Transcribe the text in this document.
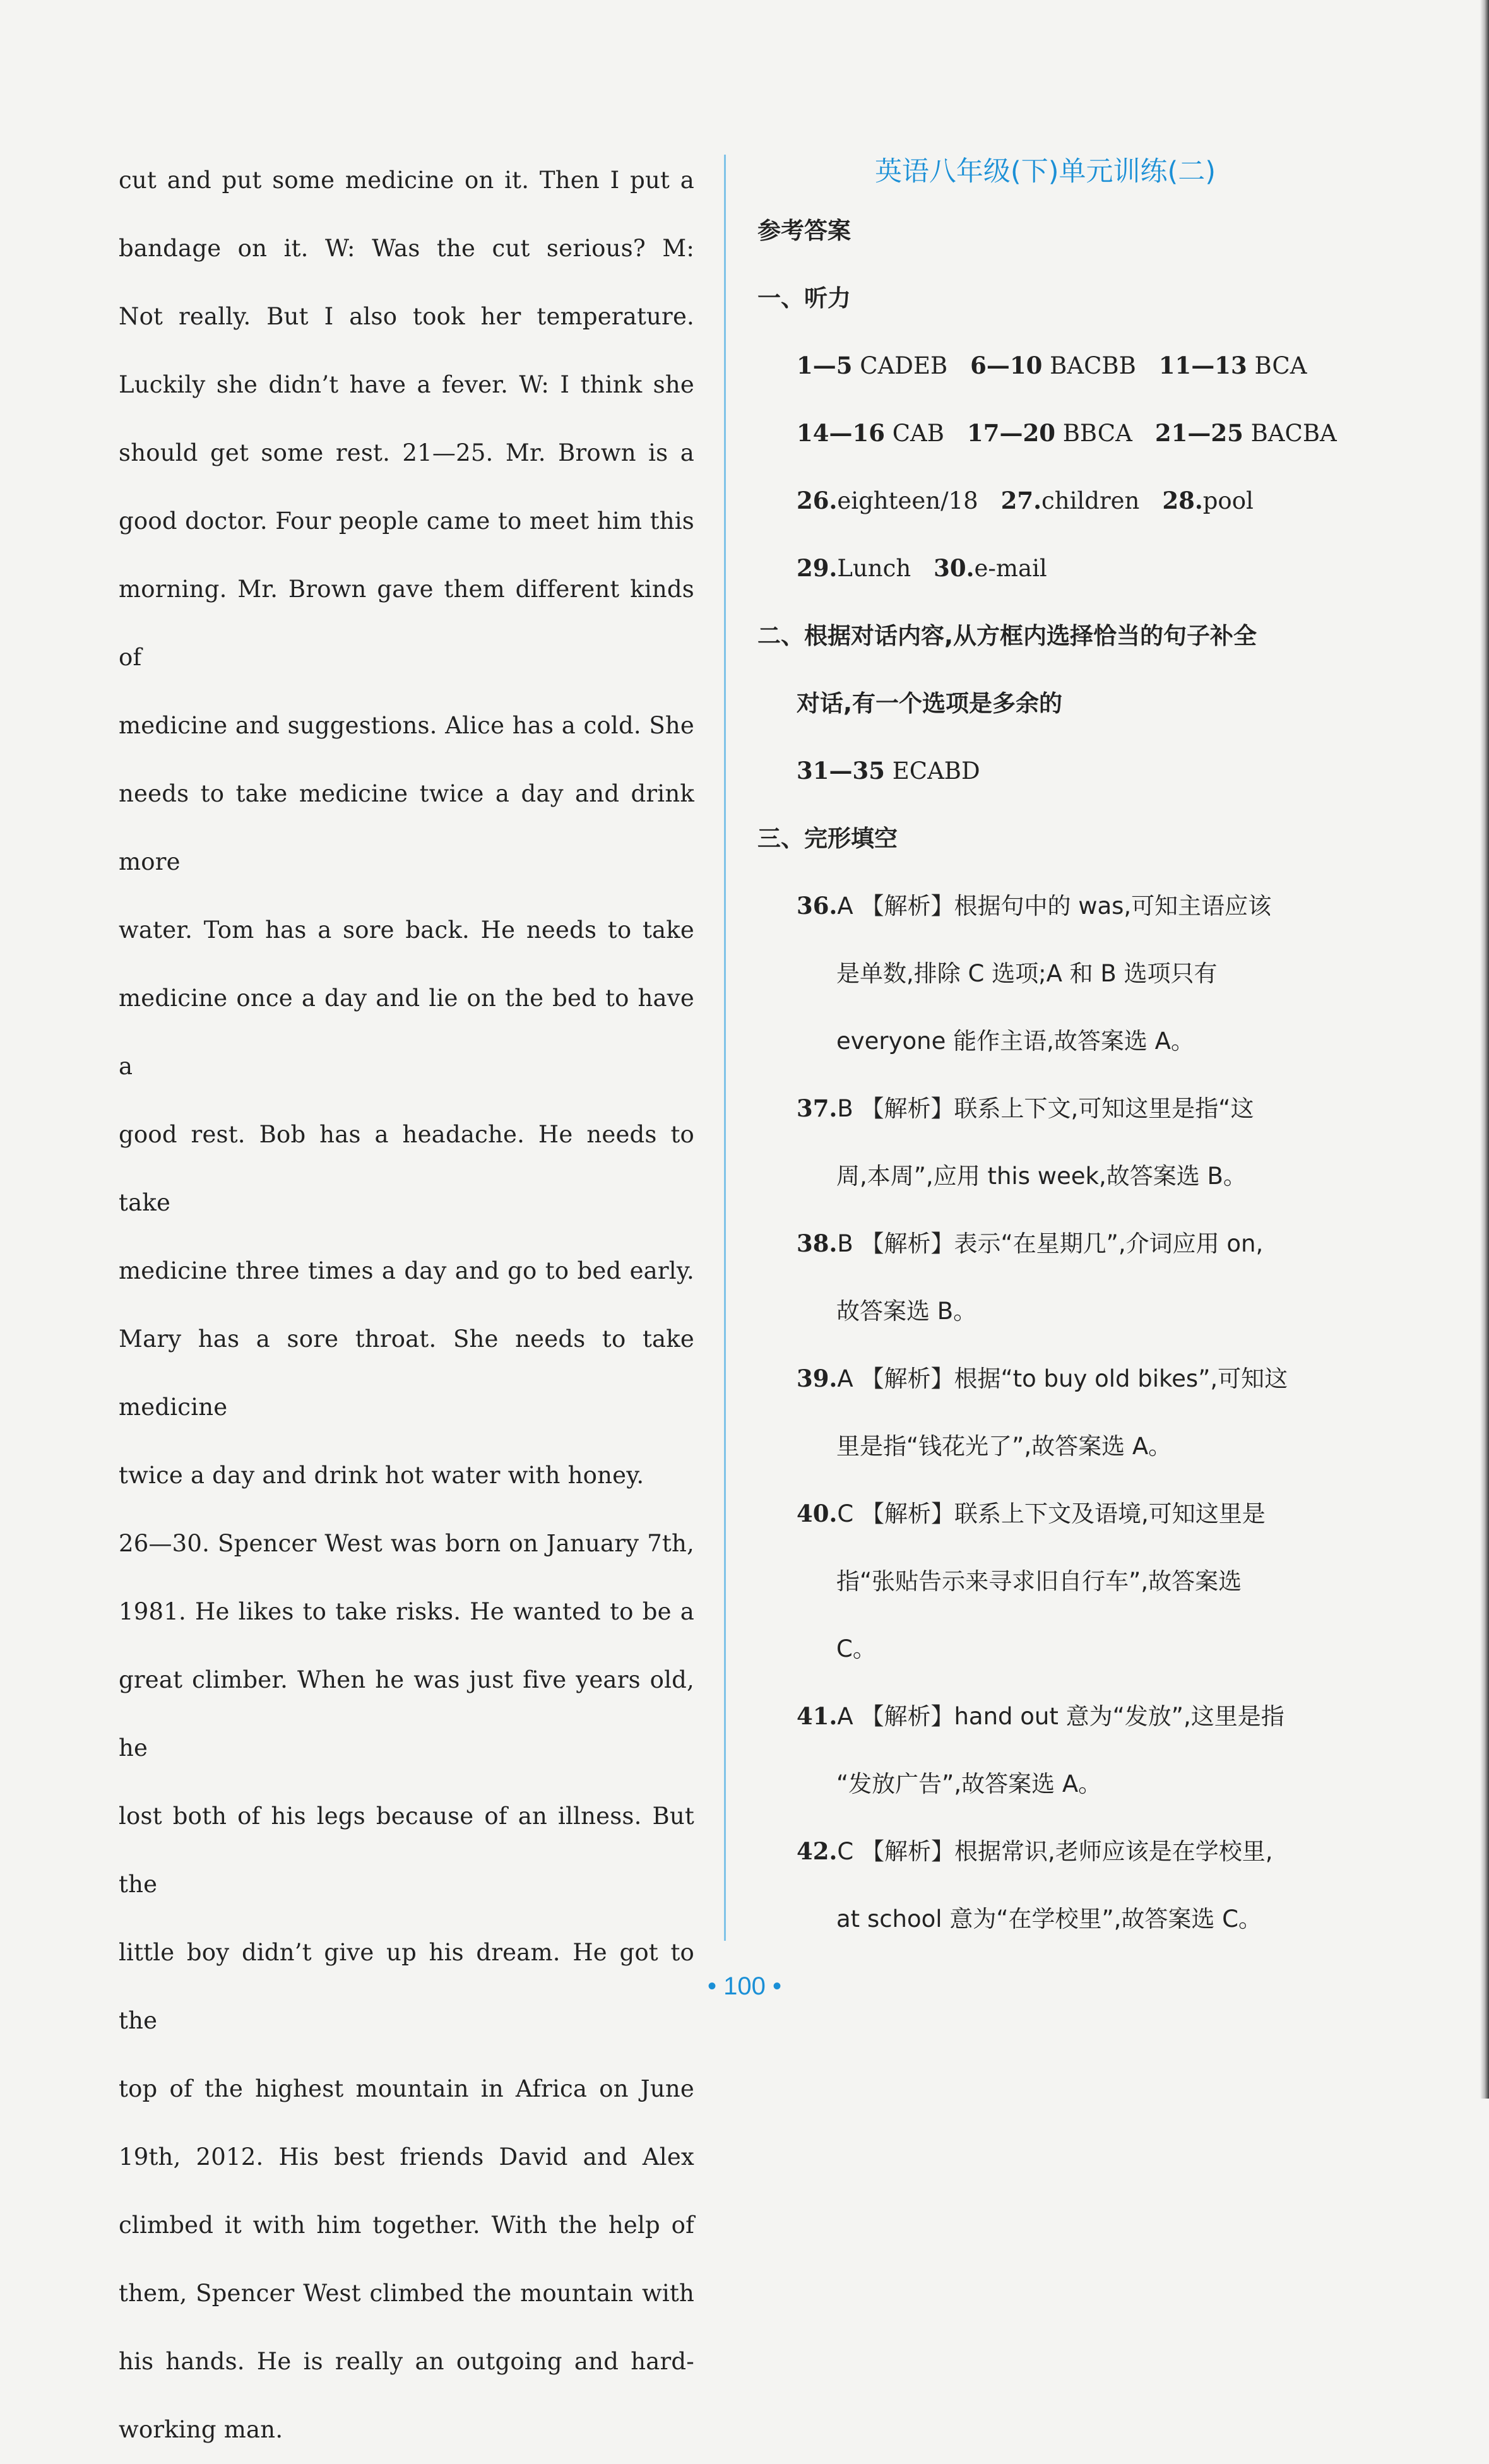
cut and put some medicine on it. Then I put a

bandage on it. W: Was the cut serious? M:

Not really. But I also took her temperature.

Luckily she didn’t have a fever. W: I think she

should get some rest. 21—25. Mr. Brown is a

good doctor. Four people came to meet him this

morning. Mr. Brown gave them different kinds of

medicine and suggestions. Alice has a cold. She

needs to take medicine twice a day and drink more

water. Tom has a sore back. He needs to take

medicine once a day and lie on the bed to have a

good rest. Bob has a headache. He needs to take

medicine three times a day and go to bed early.

Mary has a sore throat. She needs to take medicine

twice a day and drink hot water with honey.

26—30. Spencer West was born on January 7th,

1981. He likes to take risks. He wanted to be a

great climber. When he was just five years old, he

lost both of his legs because of an illness. But the

little boy didn’t give up his dream. He got to the

top of the highest mountain in Africa on June

19th, 2012. His best friends David and Alex

climbed it with him together. With the help of

them, Spencer West climbed the mountain with

his hands. He is really an outgoing and hard-

working man.

英语八年级(下)单元训练(二)

参考答案

一、听力

1—5 CADEB 6—10 BACBB 11—13 BCA

14—16 CAB 17—20 BBCA 21—25 BACBA

26.eighteen/18 27.children 28.pool

29.Lunch 30.e-mail

二、根据对话内容,从方框内选择恰当的句子补全

对话,有一个选项是多余的

31—35 ECABD

三、完形填空

36.A 【解析】根据句中的 was,可知主语应该

是单数,排除 C 选项;A 和 B 选项只有

everyone 能作主语,故答案选 A。

37.B 【解析】联系上下文,可知这里是指“这

周,本周”,应用 this week,故答案选 B。

38.B 【解析】表示“在星期几”,介词应用 on,

故答案选 B。

39.A 【解析】根据“to buy old bikes”,可知这

里是指“钱花光了”,故答案选 A。

40.C 【解析】联系上下文及语境,可知这里是

指“张贴告示来寻求旧自行车”,故答案选

C。

41.A 【解析】hand out 意为“发放”,这里是指

“发放广告”,故答案选 A。

42.C 【解析】根据常识,老师应该是在学校里,

at school 意为“在学校里”,故答案选 C。

• 100 •
